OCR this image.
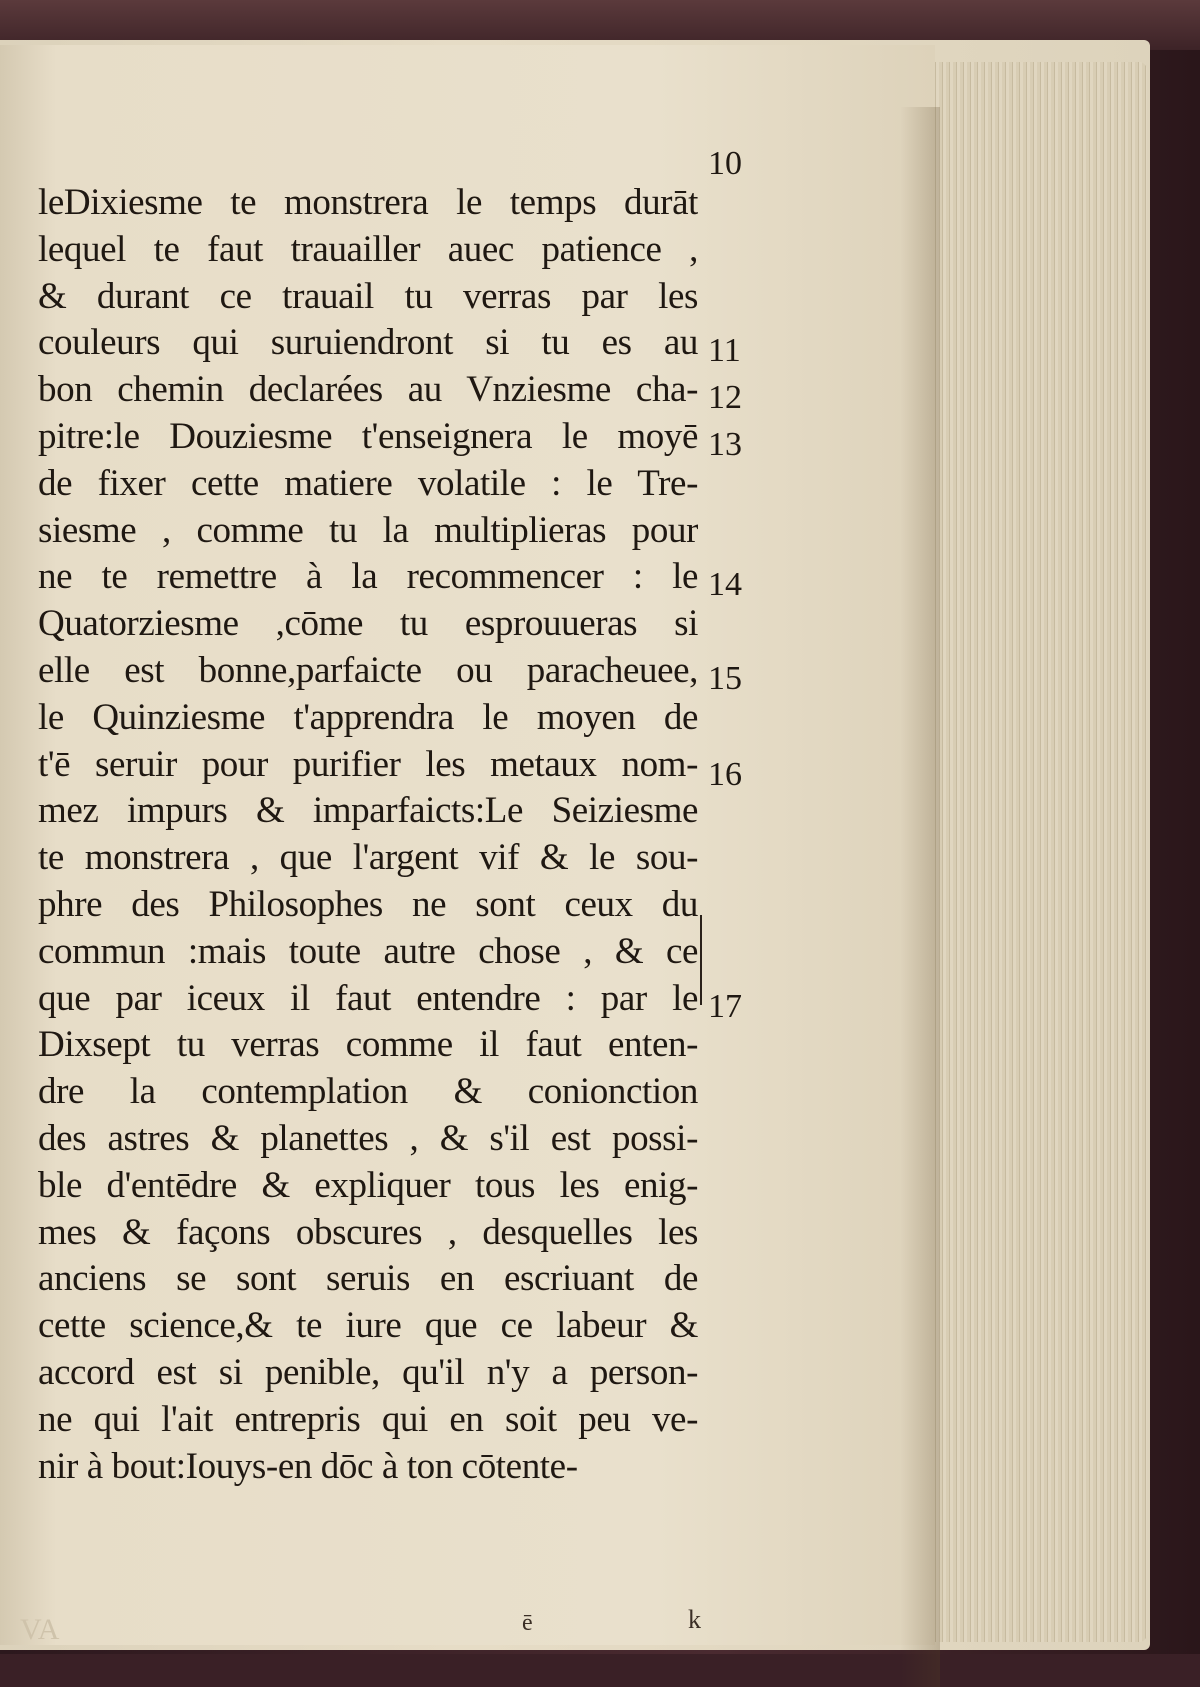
leDixiesme te monstrera le temps durāt
lequel te faut trauailler auec patience ,
& durant ce trauail tu verras par les
couleurs qui suruiendront si tu es au
bon chemin declarées au Vnziesme cha-
pitre:le Douziesme t'enseignera le moyē
de fixer cette matiere volatile : le Tre-
siesme , comme tu la multiplieras pour
ne te remettre à la recommencer : le
Quatorziesme ,cōme tu esprouueras si
elle est bonne,parfaicte ou paracheuee,
le Quinziesme t'apprendra le moyen de
t'ē seruir pour purifier les metaux nom-
mez impurs & imparfaicts:Le Seiziesme
te monstrera , que l'argent vif & le sou-
phre des Philosophes ne sont ceux du
commun :mais toute autre chose , & ce
que par iceux il faut entendre : par le
Dixsept tu verras comme il faut enten-
dre la contemplation & conionction
des astres & planettes , & s'il est possi-
ble d'entēdre & expliquer tous les enig-
mes & façons obscures , desquelles les
anciens se sont seruis en escriuant de
cette science,& te iure que ce labeur &
accord est si penible, qu'il n'y a person-
ne qui l'ait entrepris qui en soit peu ve-
nir à bout:Iouys-en dōc à ton cōtente-
10
11
12
13
14
15
16
17
ē	k
VA
